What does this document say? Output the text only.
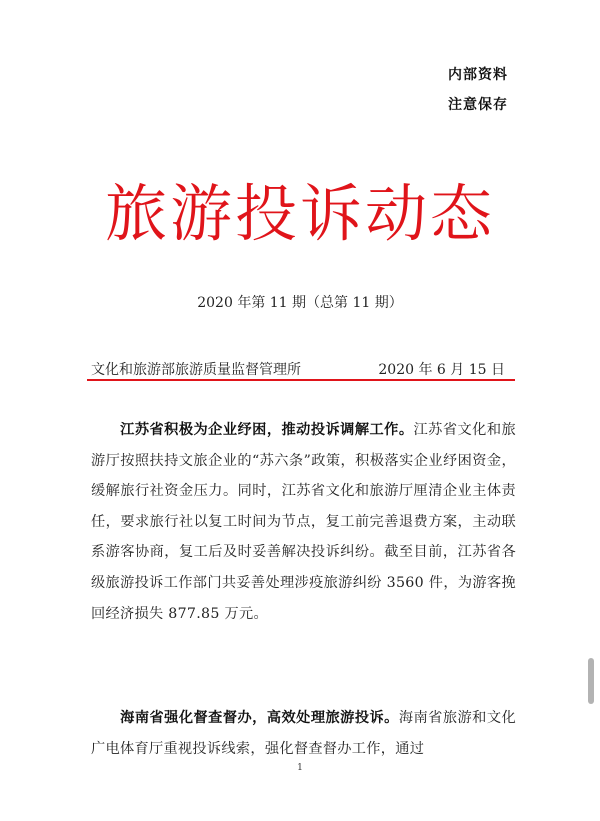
内部资料
注意保存
旅游投诉动态
2020 年第 11 期（总第 11 期）
文化和旅游部旅游质量监督管理所	2020 年 6 月 15 日
江苏省积极为企业纾困，推动投诉调解工作。江苏省文化和旅游厅按照扶持文旅企业的“苏六条”政策，积极落实企业纾困资金，缓解旅行社资金压力。同时，江苏省文化和旅游厅厘清企业主体责任，要求旅行社以复工时间为节点，复工前完善退费方案，主动联系游客协商，复工后及时妥善解决投诉纠纷。截至目前，江苏省各级旅游投诉工作部门共妥善处理涉疫旅游纠纷 3560 件，为游客挽回经济损失 877.85 万元。
海南省强化督查督办，高效处理旅游投诉。海南省旅游和文化广电体育厅重视投诉线索，强化督查督办工作，通过
1
